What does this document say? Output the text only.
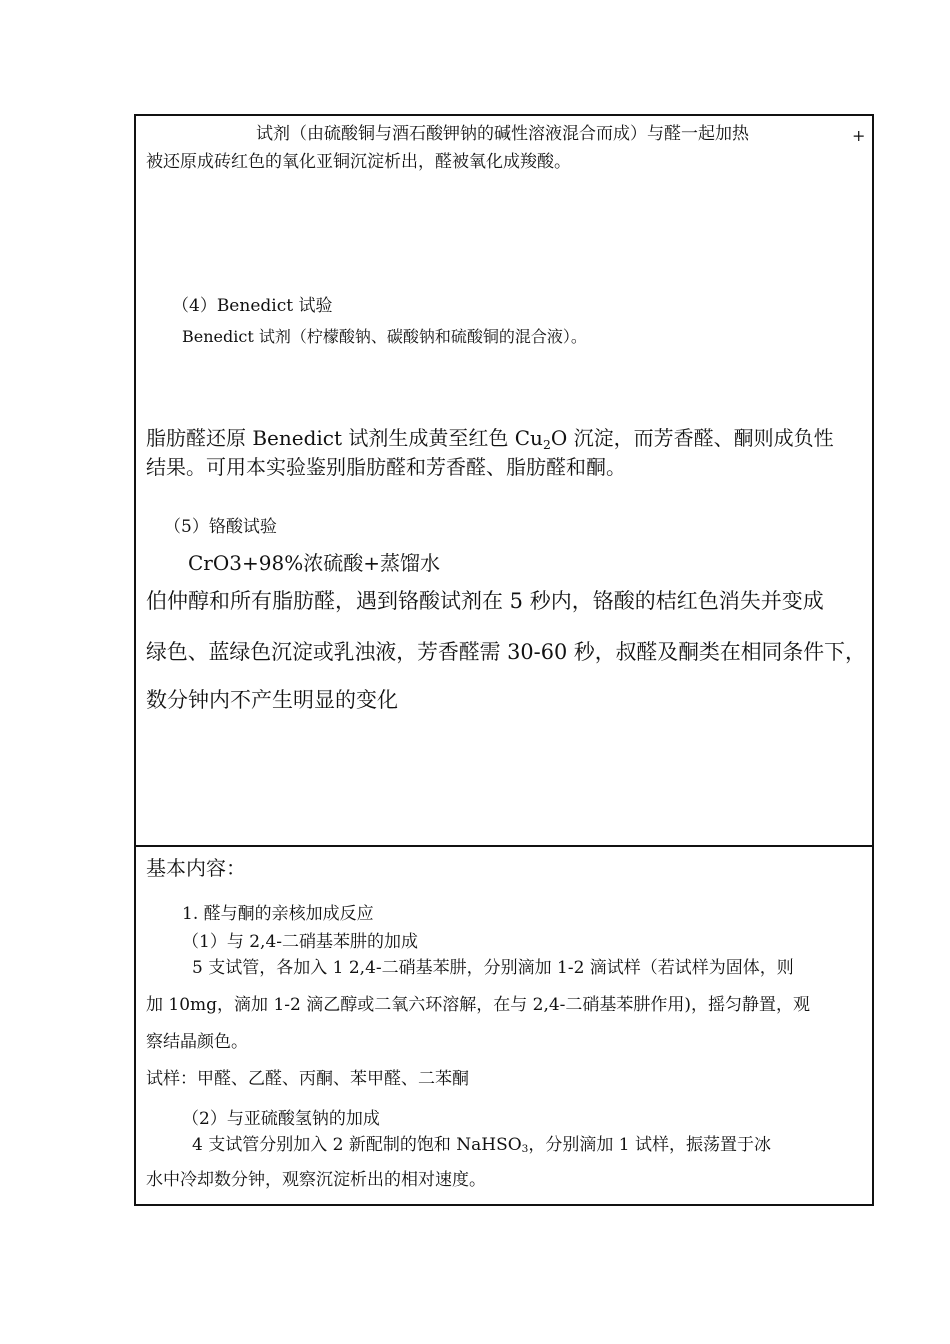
试剂（由硫酸铜与酒石酸钾钠的碱性溶液混合而成）与醛一起加热	+
被还原成砖红色的氧化亚铜沉淀析出，醛被氧化成羧酸。
（4）Benedict 试验
Benedict 试剂（柠檬酸钠、碳酸钠和硫酸铜的混合液）。
脂肪醛还原 Benedict 试剂生成黄至红色 $Cu_2O$ 沉淀，而芳香醛、酮则成负性
结果。可用本实验鉴别脂肪醛和芳香醛、脂肪醛和酮。
（5）铬酸试验
CrO3+98%浓硫酸+蒸馏水
伯仲醇和所有脂肪醛，遇到铬酸试剂在 5 秒内，铬酸的桔红色消失并变成
绿色、蓝绿色沉淀或乳浊液，芳香醛需 30-60 秒，叔醛及酮类在相同条件下，
数分钟内不产生明显的变化
基本内容：
1. 醛与酮的亲核加成反应
（1）与 2,4-二硝基苯肼的加成
5 支试管，各加入 1 2,4-二硝基苯肼，分别滴加 1-2 滴试样（若试样为固体，则
加 10mg，滴加 1-2 滴乙醇或二氧六环溶解，在与 2,4-二硝基苯肼作用)，摇匀静置，观
察结晶颜色。
试样：甲醛、乙醛、丙酮、苯甲醛、二苯酮
（2）与亚硫酸氢钠的加成
4 支试管分别加入 2 新配制的饱和 NaHSO$_3$，分别滴加 1 试样，振荡置于冰
水中冷却数分钟，观察沉淀析出的相对速度。
